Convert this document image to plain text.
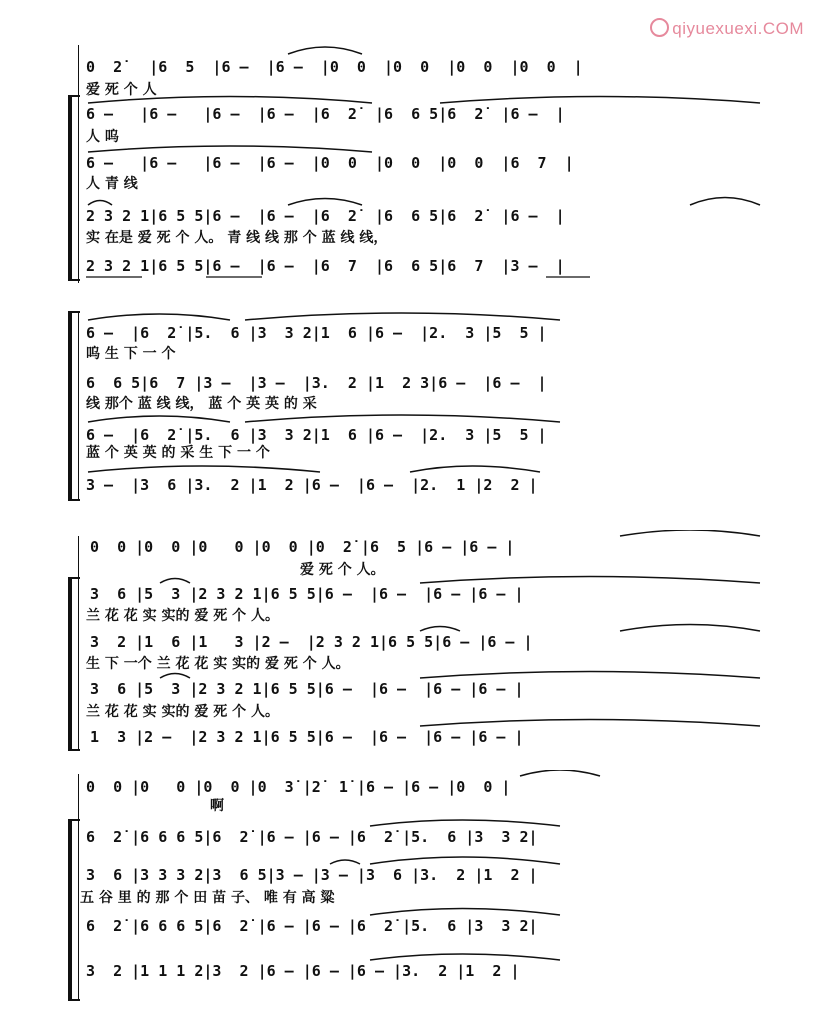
qiyuexuexi.COM
0  2̇   |6  5  |6 –  |6 –  |0  0  |0  0  |0  0  |0  0  |
爱 死 个 人
6 –   |6 –   |6 –  |6 –  |6  2̇  |6  6 5|6  2̇  |6 –  |
人 呜
6 –   |6 –   |6 –  |6 –  |0  0  |0  0  |0  0  |6  7  |
人 青 线
2 3 2 1|6 5 5|6 –  |6 –  |6  2̇  |6  6 5|6  2̇  |6 –  |
实 在是 爱 死 个 人。 青 线 线 那 个 蓝 线 线，
2 3 2 1|6 5 5|6 –  |6 –  |6  7  |6  6 5|6  7  |3 –  |
6 –  |6  2̇ |5.  6 |3  3 2|1  6 |6 –  |2.  3 |5  5 |
呜 生 下 一 个
6  6 5|6  7 |3 –  |3 –  |3.  2 |1  2 3|6 –  |6 –  |
线 那个 蓝 线 线， 蓝 个 英 英 的 采
6 –  |6  2̇ |5.  6 |3  3 2|1  6 |6 –  |2.  3 |5  5 |
蓝 个 英 英 的 采 生 下 一 个
3 –  |3  6 |3.  2 |1  2 |6 –  |6 –  |2.  1 |2  2 |
0  0 |0  0 |0   0 |0  0 |0  2̇ |6  5 |6 – |6 – |
爱 死 个 人。
3  6 |5  3 |2 3 2 1|6 5 5|6 –  |6 –  |6 – |6 – |
兰 花 花 实 实的 爱 死 个 人。
3  2 |1  6 |1   3 |2 –  |2 3 2 1|6 5 5|6 – |6 – |
生 下 一个 兰 花 花 实 实的 爱 死 个 人。
3  6 |5  3 |2 3 2 1|6 5 5|6 –  |6 –  |6 – |6 – |
兰 花 花 实 实的 爱 死 个 人。
1  3 |2 –  |2 3 2 1|6 5 5|6 –  |6 –  |6 – |6 – |
0  0 |0   0 |0  0 |0  3̇ |2̇  1̇ |6 – |6 – |0  0 |
啊
6  2̇ |6 6 6 5|6  2̇ |6 – |6 – |6  2̇ |5.  6 |3  3 2|
3  6 |3 3 3 2|3  6 5|3 – |3 – |3  6 |3.  2 |1  2 |
五 谷 里 的 那 个 田 苗 子、 唯 有 高 粱
6  2̇ |6 6 6 5|6  2̇ |6 – |6 – |6  2̇ |5.  6 |3  3 2|
3  2 |1 1 1 2|3  2 |6 – |6 – |6 – |3.  2 |1  2 |
